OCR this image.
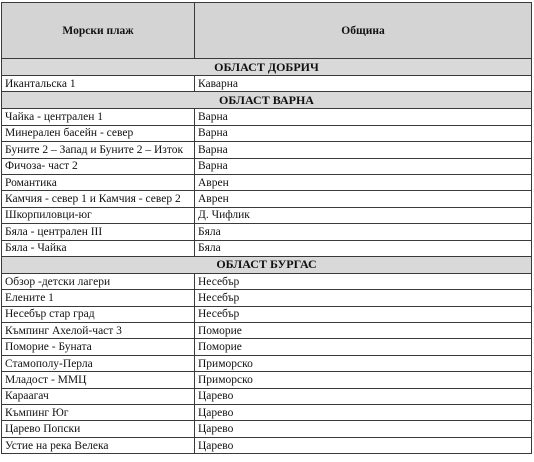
Морски плаж	Община
ОБЛАСТ ДОБРИЧ	
Икантальска 1	Каварна
ОБЛАСТ ВАРНА	
Чайка - централен 1	Варна
Минерален басейн - север	Варна
Буните 2 – Запад и Буните 2 – Изток	Варна
Фичоза- част 2	Варна
Романтика	Аврен
Камчия - север 1 и Камчия - север 2	Аврен
Шкорпиловци-юг	Д. Чифлик
Бяла - централен III	Бяла
Бяла - Чайка	Бяла
ОБЛАСТ БУРГАС	
Обзор -детски лагери	Несебър
Елените 1	Несебър
Несебър стар град	Несебър
Къмпинг Ахелой-част 3	Поморие
Поморие - Буната	Поморие
Стамополу-Перла	Приморско
Младост - ММЦ	Приморско
Караагач	Царево
Къмпинг Юг	Царево
Царево Попски	Царево
Устие на река Велека	Царево
